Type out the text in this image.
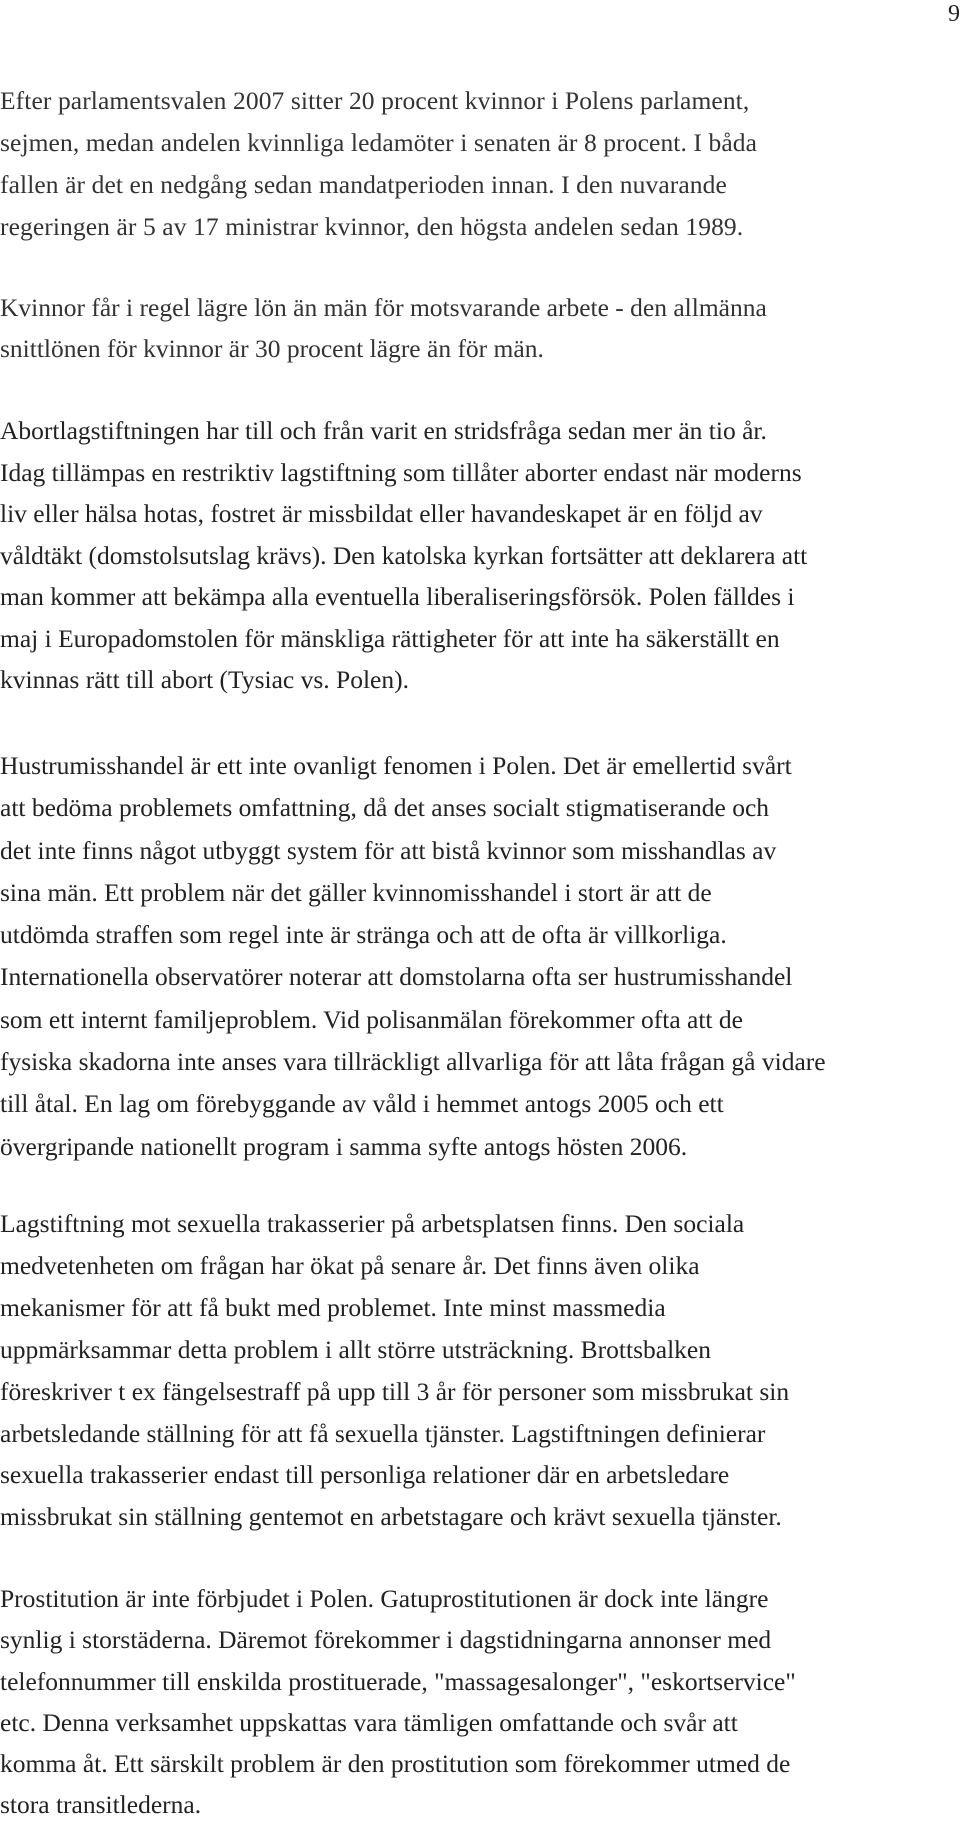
9

Efter parlamentsvalen 2007 sitter 20 procent kvinnor i Polens parlament,
sejmen, medan andelen kvinnliga ledamöter i senaten är 8 procent. I båda
fallen är det en nedgång sedan mandatperioden innan. I den nuvarande
regeringen är 5 av 17 ministrar kvinnor, den högsta andelen sedan 1989.

Kvinnor får i regel lägre lön än män för motsvarande arbete - den allmänna
snittlönen för kvinnor är 30 procent lägre än för män.

Abortlagstiftningen har till och från varit en stridsfråga sedan mer än tio år.
Idag tillämpas en restriktiv lagstiftning som tillåter aborter endast när moderns
liv eller hälsa hotas, fostret är missbildat eller havandeskapet är en följd av
våldtäkt (domstolsutslag krävs). Den katolska kyrkan fortsätter att deklarera att
man kommer att bekämpa alla eventuella liberaliseringsförsök. Polen fälldes i
maj i Europadomstolen för mänskliga rättigheter för att inte ha säkerställt en
kvinnas rätt till abort (Tysiac vs. Polen).

Hustrumisshandel är ett inte ovanligt fenomen i Polen. Det är emellertid svårt
att bedöma problemets omfattning, då det anses socialt stigmatiserande och
det inte finns något utbyggt system för att bistå kvinnor som misshandlas av
sina män. Ett problem när det gäller kvinnomisshandel i stort är att de
utdömda straffen som regel inte är stränga och att de ofta är villkorliga.
Internationella observatörer noterar att domstolarna ofta ser hustrumisshandel
som ett internt familjeproblem. Vid polisanmälan förekommer ofta att de
fysiska skadorna inte anses vara tillräckligt allvarliga för att låta frågan gå vidare
till åtal. En lag om förebyggande av våld i hemmet antogs 2005 och ett
övergripande nationellt program i samma syfte antogs hösten 2006.

Lagstiftning mot sexuella trakasserier på arbetsplatsen finns. Den sociala
medvetenheten om frågan har ökat på senare år. Det finns även olika
mekanismer för att få bukt med problemet. Inte minst massmedia
uppmärksammar detta problem i allt större utsträckning. Brottsbalken
föreskriver t ex fängelsestraff på upp till 3 år för personer som missbrukat sin
arbetsledande ställning för att få sexuella tjänster. Lagstiftningen definierar
sexuella trakasserier endast till personliga relationer där en arbetsledare
missbrukat sin ställning gentemot en arbetstagare och krävt sexuella tjänster.

Prostitution är inte förbjudet i Polen. Gatuprostitutionen är dock inte längre
synlig i storstäderna. Däremot förekommer i dagstidningarna annonser med
telefonnummer till enskilda prostituerade, "massagesalonger", "eskortservice"
etc. Denna verksamhet uppskattas vara tämligen omfattande och svår att
komma åt. Ett särskilt problem är den prostitution som förekommer utmed de
stora transitlederna.
